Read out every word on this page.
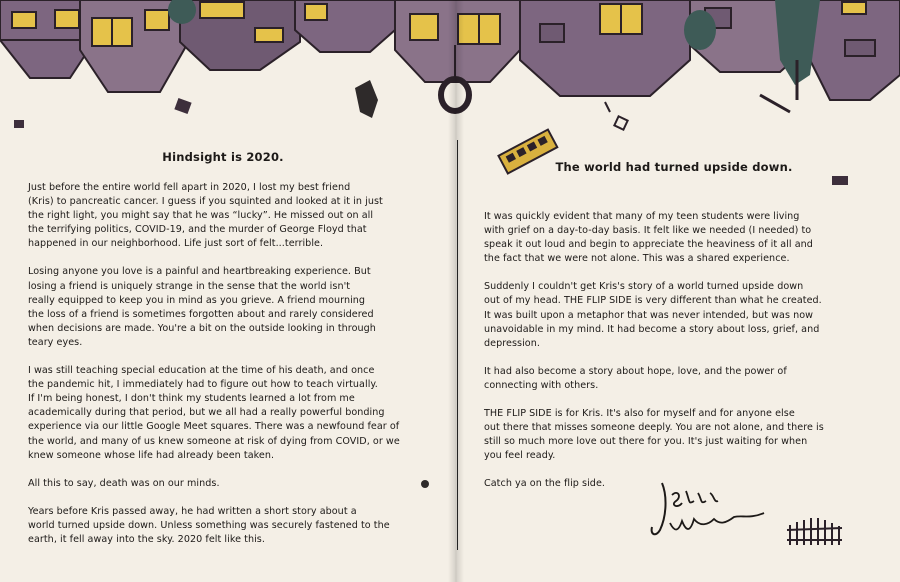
Hindsight is 2020.

Just before the entire world fell apart in 2020, I lost my best friend
(Kris) to pancreatic cancer. I guess if you squinted and looked at it in just
the right light, you might say that he was “lucky”. He missed out on all
the terrifying politics, COVID-19, and the murder of George Floyd that
happened in our neighborhood. Life just sort of felt...terrible.

Losing anyone you love is a painful and heartbreaking experience. But
losing a friend is uniquely strange in the sense that the world isn't
really equipped to keep you in mind as you grieve. A friend mourning
the loss of a friend is sometimes forgotten about and rarely considered
when decisions are made. You're a bit on the outside looking in through
teary eyes.

I was still teaching special education at the time of his death, and once
the pandemic hit, I immediately had to figure out how to teach virtually.
If I'm being honest, I don't think my students learned a lot from me
academically during that period, but we all had a really powerful bonding
experience via our little Google Meet squares. There was a newfound fear of
the world, and many of us knew someone at risk of dying from COVID, or we
knew someone whose life had already been taken.

All this to say, death was on our minds.

Years before Kris passed away, he had written a short story about a
world turned upside down. Unless something was securely fastened to the
earth, it fell away into the sky. 2020 felt like this.

The world had turned upside down.

It was quickly evident that many of my teen students were living
with grief on a day-to-day basis. It felt like we needed (I needed) to
speak it out loud and begin to appreciate the heaviness of it all and
the fact that we were not alone. This was a shared experience.

Suddenly I couldn't get Kris's story of a world turned upside down
out of my head. THE FLIP SIDE is very different than what he created.
It was built upon a metaphor that was never intended, but was now
unavoidable in my mind. It had become a story about loss, grief, and
depression.

It had also become a story about hope, love, and the power of
connecting with others.

THE FLIP SIDE is for Kris. It's also for myself and for anyone else
out there that misses someone deeply. You are not alone, and there is
still so much more love out there for you. It's just waiting for when
you feel ready.

Catch ya on the flip side.
